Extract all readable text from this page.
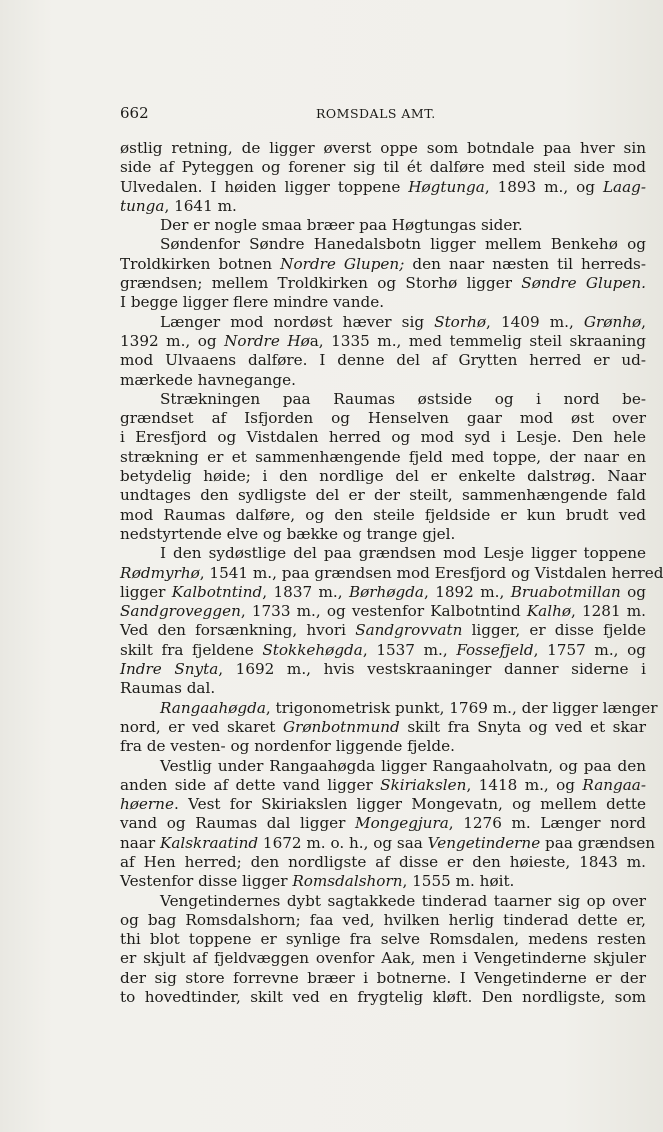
662	ROMSDALS AMT.
østlig retning, de ligger øverst oppe som botndale paa hver sin
side af Pyteggen og forener sig til ét dalføre med steil side mod
Ulvedalen. I høiden ligger toppene Høgtunga, 1893 m., og Laag-
tunga, 1641 m.
Der er nogle smaa bræer paa Høgtungas sider.
Søndenfor Søndre Hanedalsbotn ligger mellem Benkehø og
Troldkirken botnen Nordre Glupen; den naar næsten til herreds-
grændsen; mellem Troldkirken og Storhø ligger Søndre Glupen.
I begge ligger flere mindre vande.
Længer mod nordøst hæver sig Storhø, 1409 m., Grønhø,
1392 m., og Nordre Høa, 1335 m., med temmelig steil skraaning
mod Ulvaaens dalføre. I denne del af Grytten herred er ud-
mærkede havnegange.
Strækningen paa Raumas østside og i nord be-
grændset af Isfjorden og Henselven gaar mod øst over
i Eresfjord og Vistdalen herred og mod syd i Lesje. Den hele
strækning er et sammenhængende fjeld med toppe, der naar en
betydelig høide; i den nordlige del er enkelte dalstrøg. Naar
undtages den sydligste del er der steilt, sammenhængende fald
mod Raumas dalføre, og den steile fjeldside er kun brudt ved
nedstyrtende elve og bække og trange gjel.
I den sydøstlige del paa grændsen mod Lesje ligger toppene
Rødmyrhø, 1541 m., paa grændsen mod Eresfjord og Vistdalen herred
ligger Kalbotntind, 1837 m., Børhøgda, 1892 m., Bruabotmillan og
Sandgroveggen, 1733 m., og vestenfor Kalbotntind Kalhø, 1281 m.
Ved den forsænkning, hvori Sandgrovvatn ligger, er disse fjelde
skilt fra fjeldene Stokkehøgda, 1537 m., Fossefjeld, 1757 m., og
Indre Snyta, 1692 m., hvis vestskraaninger danner siderne i
Raumas dal.
Rangaahøgda, trigonometrisk punkt, 1769 m., der ligger længer
nord, er ved skaret Grønbotnmund skilt fra Snyta og ved et skar
fra de vesten- og nordenfor liggende fjelde.
Vestlig under Rangaahøgda ligger Rangaaholvatn, og paa den
anden side af dette vand ligger Skiriakslen, 1418 m., og Rangaa-
høerne. Vest for Skiriakslen ligger Mongevatn, og mellem dette
vand og Raumas dal ligger Mongegjura, 1276 m. Længer nord
naar Kalskraatind 1672 m. o. h., og saa Vengetinderne paa grændsen
af Hen herred; den nordligste af disse er den høieste, 1843 m.
Vestenfor disse ligger Romsdalshorn, 1555 m. høit.
Vengetindernes dybt sagtakkede tinderad taarner sig op over
og bag Romsdalshorn; faa ved, hvilken herlig tinderad dette er,
thi blot toppene er synlige fra selve Romsdalen, medens resten
er skjult af fjeldvæggen ovenfor Aak, men i Vengetinderne skjuler
der sig store forrevne bræer i botnerne. I Vengetinderne er der
to hovedtinder, skilt ved en frygtelig kløft. Den nordligste, som
